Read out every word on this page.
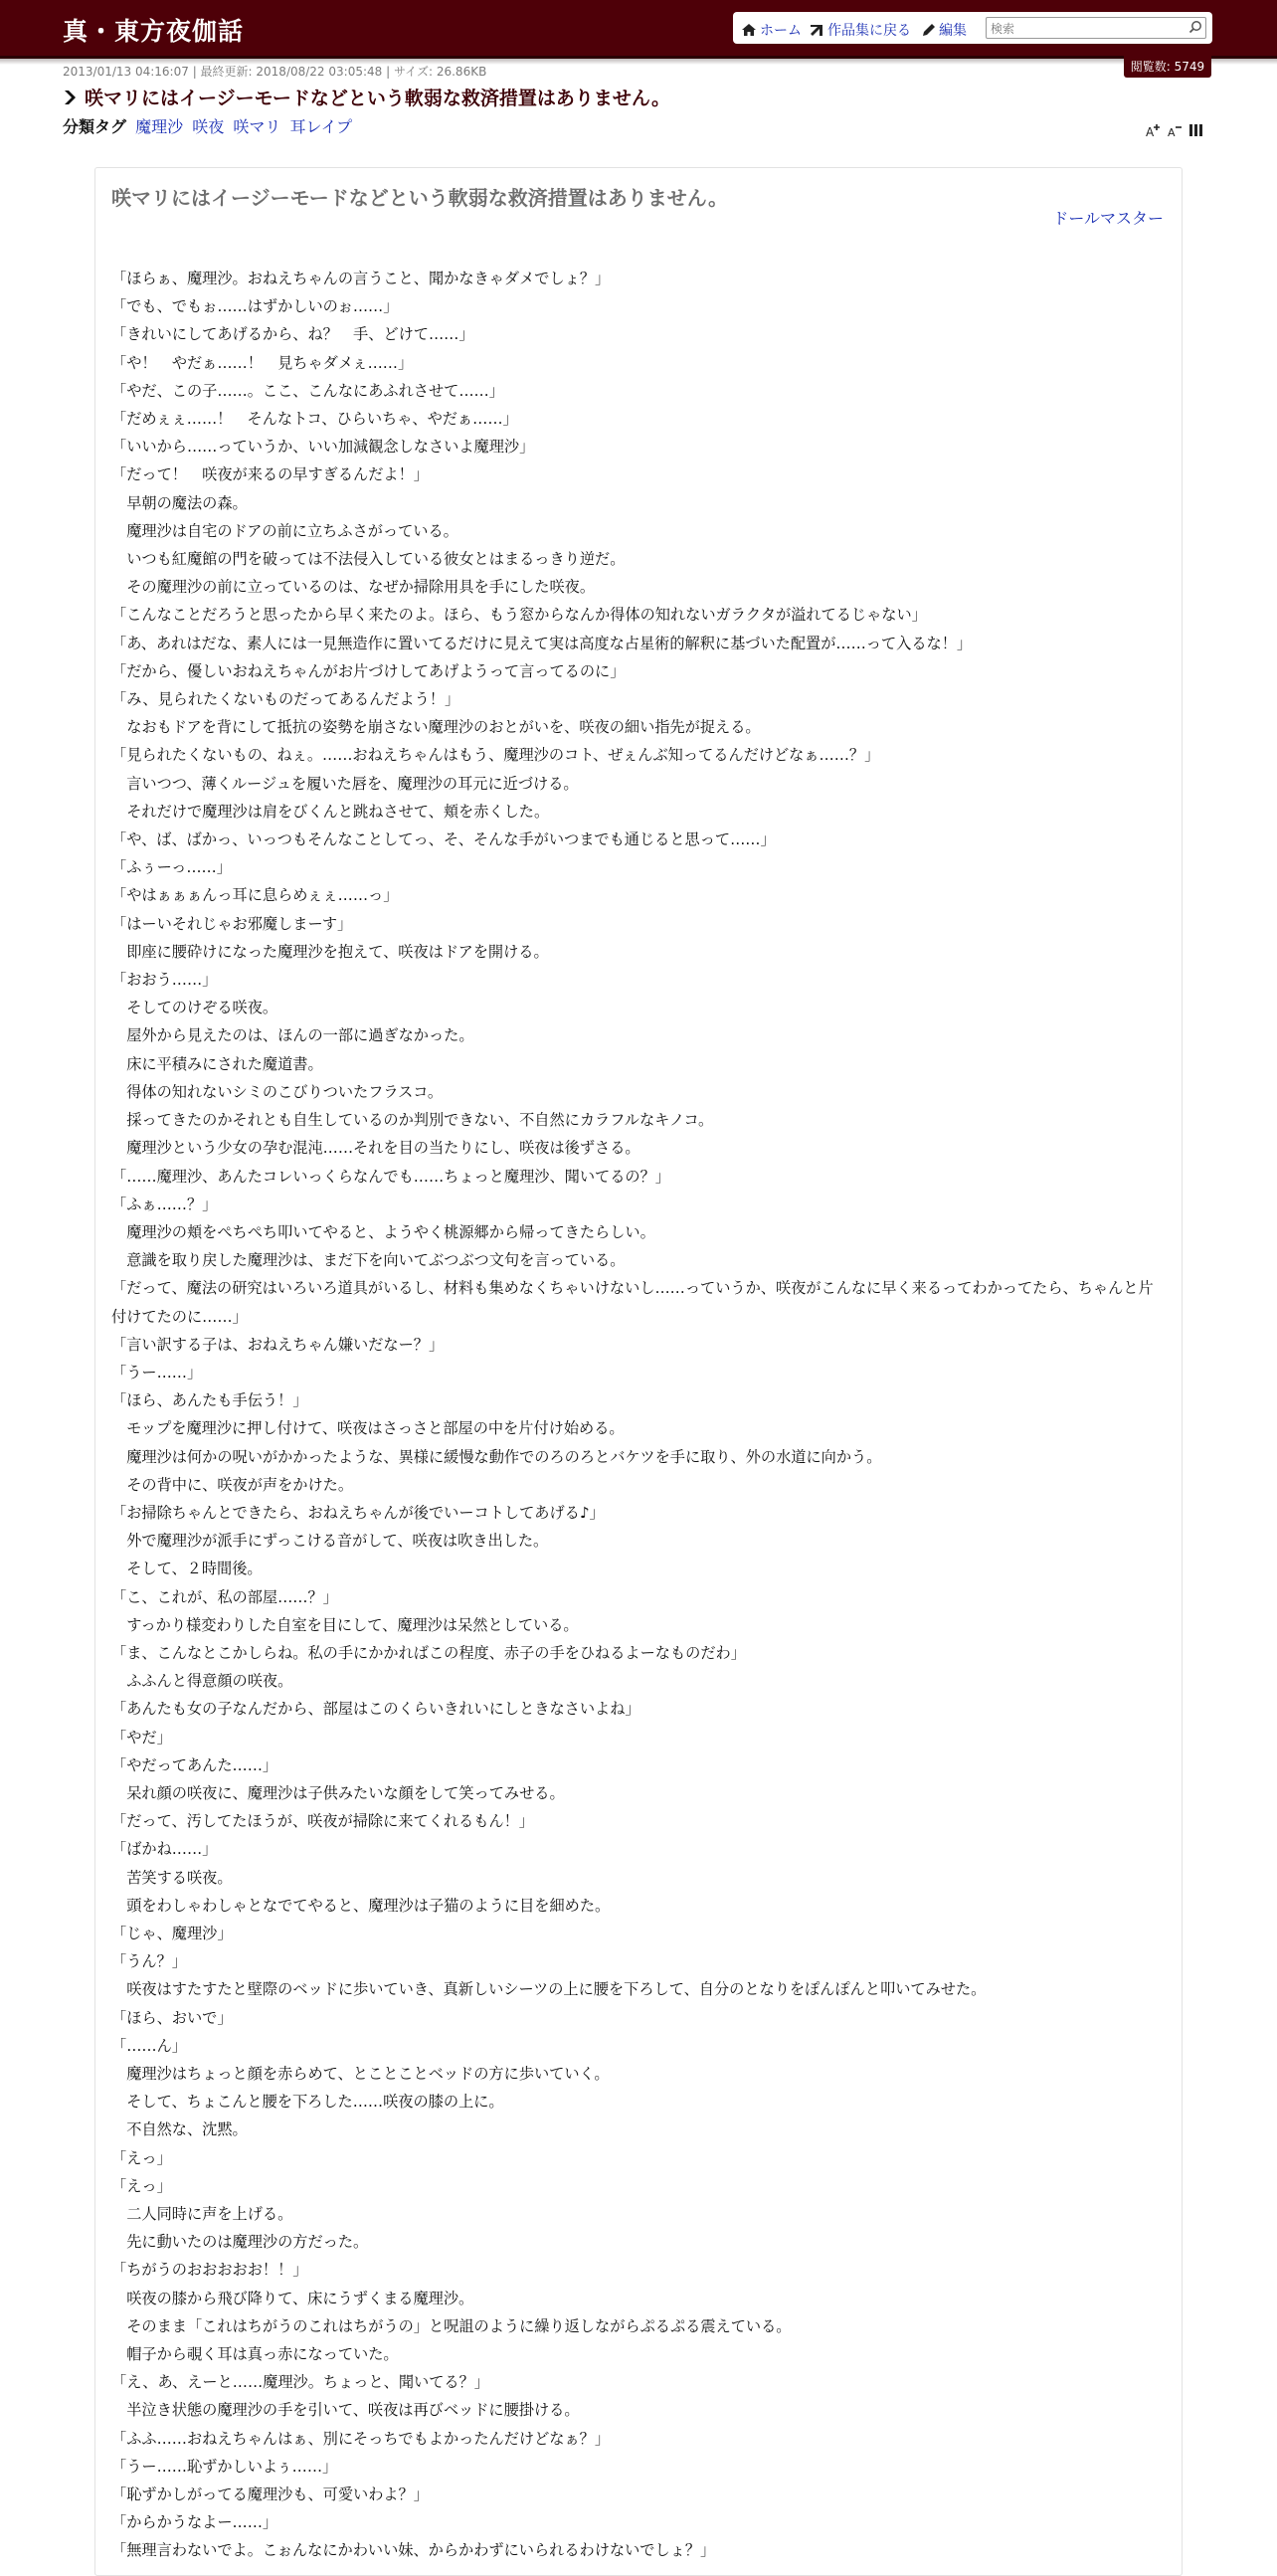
真・東方夜伽話	ホーム 作品集に戻る 編集
検索
閲覧数: 5749
2013/01/13 04:16:07 | 最終更新: 2018/08/22 03:05:48 | サイズ: 26.86KB
咲マリにはイージーモードなどという軟弱な救済措置はありません。
分類タグ 魔理沙 咲夜 咲マリ 耳レイプ	A A
咲マリにはイージーモードなどという軟弱な救済措置はありません。
ドールマスター

「ほらぁ、魔理沙。おねえちゃんの言うこと、聞かなきゃダメでしょ？」

「でも、でもぉ……はずかしいのぉ……」

「きれいにしてあげるから、ね？　手、どけて……」

「や！　やだぁ……！　見ちゃダメぇ……」

「やだ、この子……。ここ、こんなにあふれさせて……」

「だめぇぇ……！　そんなトコ、ひらいちゃ、やだぁ……」

「いいから……っていうか、いい加減観念しなさいよ魔理沙」

「だって！　咲夜が来るの早すぎるんだよ！」

　早朝の魔法の森。

　魔理沙は自宅のドアの前に立ちふさがっている。

　いつも紅魔館の門を破っては不法侵入している彼女とはまるっきり逆だ。

　その魔理沙の前に立っているのは、なぜか掃除用具を手にした咲夜。

「こんなことだろうと思ったから早く来たのよ。ほら、もう窓からなんか得体の知れないガラクタが溢れてるじゃない」

「あ、あれはだな、素人には一見無造作に置いてるだけに見えて実は高度な占星術的解釈に基づいた配置が……って入るな！」

「だから、優しいおねえちゃんがお片づけしてあげようって言ってるのに」

「み、見られたくないものだってあるんだよう！」

　なおもドアを背にして抵抗の姿勢を崩さない魔理沙のおとがいを、咲夜の細い指先が捉える。

「見られたくないもの、ねぇ。……おねえちゃんはもう、魔理沙のコト、ぜぇんぶ知ってるんだけどなぁ……？」

　言いつつ、薄くルージュを履いた唇を、魔理沙の耳元に近づける。

　それだけで魔理沙は肩をびくんと跳ねさせて、頬を赤くした。

「や、ば、ばかっ、いっつもそんなことしてっ、そ、そんな手がいつまでも通じると思って……」

「ふぅーっ……」

「やはぁぁぁんっ耳に息らめぇぇ……っ」

「はーいそれじゃお邪魔しまーす」

　即座に腰砕けになった魔理沙を抱えて、咲夜はドアを開ける。

「おおう……」

　そしてのけぞる咲夜。

　屋外から見えたのは、ほんの一部に過ぎなかった。

　床に平積みにされた魔道書。

　得体の知れないシミのこびりついたフラスコ。

　採ってきたのかそれとも自生しているのか判別できない、不自然にカラフルなキノコ。

　魔理沙という少女の孕む混沌……それを目の当たりにし、咲夜は後ずさる。

「……魔理沙、あんたコレいっくらなんでも……ちょっと魔理沙、聞いてるの？」

「ふぁ……？」

　魔理沙の頬をぺちぺち叩いてやると、ようやく桃源郷から帰ってきたらしい。

　意識を取り戻した魔理沙は、まだ下を向いてぶつぶつ文句を言っている。

「だって、魔法の研究はいろいろ道具がいるし、材料も集めなくちゃいけないし……っていうか、咲夜がこんなに早く来るってわかってたら、ちゃんと片付けてたのに……」

「言い訳する子は、おねえちゃん嫌いだなー？」

「うー……」

「ほら、あんたも手伝う！」

　モップを魔理沙に押し付けて、咲夜はさっさと部屋の中を片付け始める。

　魔理沙は何かの呪いがかかったような、異様に緩慢な動作でのろのろとバケツを手に取り、外の水道に向かう。

　その背中に、咲夜が声をかけた。

「お掃除ちゃんとできたら、おねえちゃんが後でいーコトしてあげる♪」

　外で魔理沙が派手にずっこける音がして、咲夜は吹き出した。

　そして、２時間後。

「こ、これが、私の部屋……？」

　すっかり様変わりした自室を目にして、魔理沙は呆然としている。

「ま、こんなとこかしらね。私の手にかかればこの程度、赤子の手をひねるよーなものだわ」

　ふふんと得意顔の咲夜。

「あんたも女の子なんだから、部屋はこのくらいきれいにしときなさいよね」

「やだ」

「やだってあんた……」

　呆れ顔の咲夜に、魔理沙は子供みたいな顔をして笑ってみせる。

「だって、汚してたほうが、咲夜が掃除に来てくれるもん！」

「ばかね……」

　苦笑する咲夜。

　頭をわしゃわしゃとなでてやると、魔理沙は子猫のように目を細めた。

「じゃ、魔理沙」

「うん？」

　咲夜はすたすたと壁際のベッドに歩いていき、真新しいシーツの上に腰を下ろして、自分のとなりをぽんぽんと叩いてみせた。

「ほら、おいで」

「……ん」

　魔理沙はちょっと顔を赤らめて、とことことベッドの方に歩いていく。

　そして、ちょこんと腰を下ろした……咲夜の膝の上に。

　不自然な、沈黙。

「えっ」

「えっ」

　二人同時に声を上げる。

　先に動いたのは魔理沙の方だった。

「ちがうのおおおおお！！」

　咲夜の膝から飛び降りて、床にうずくまる魔理沙。

　そのまま「これはちがうのこれはちがうの」と呪詛のように繰り返しながらぷるぷる震えている。

　帽子から覗く耳は真っ赤になっていた。

「え、あ、えーと……魔理沙。ちょっと、聞いてる？」

　半泣き状態の魔理沙の手を引いて、咲夜は再びベッドに腰掛ける。

「ふふ……おねえちゃんはぁ、別にそっちでもよかったんだけどなぁ？」

「うー……恥ずかしいよぅ……」

「恥ずかしがってる魔理沙も、可愛いわよ？」

「からかうなよー……」

「無理言わないでよ。こぉんなにかわいい妹、からかわずにいられるわけないでしょ？」
